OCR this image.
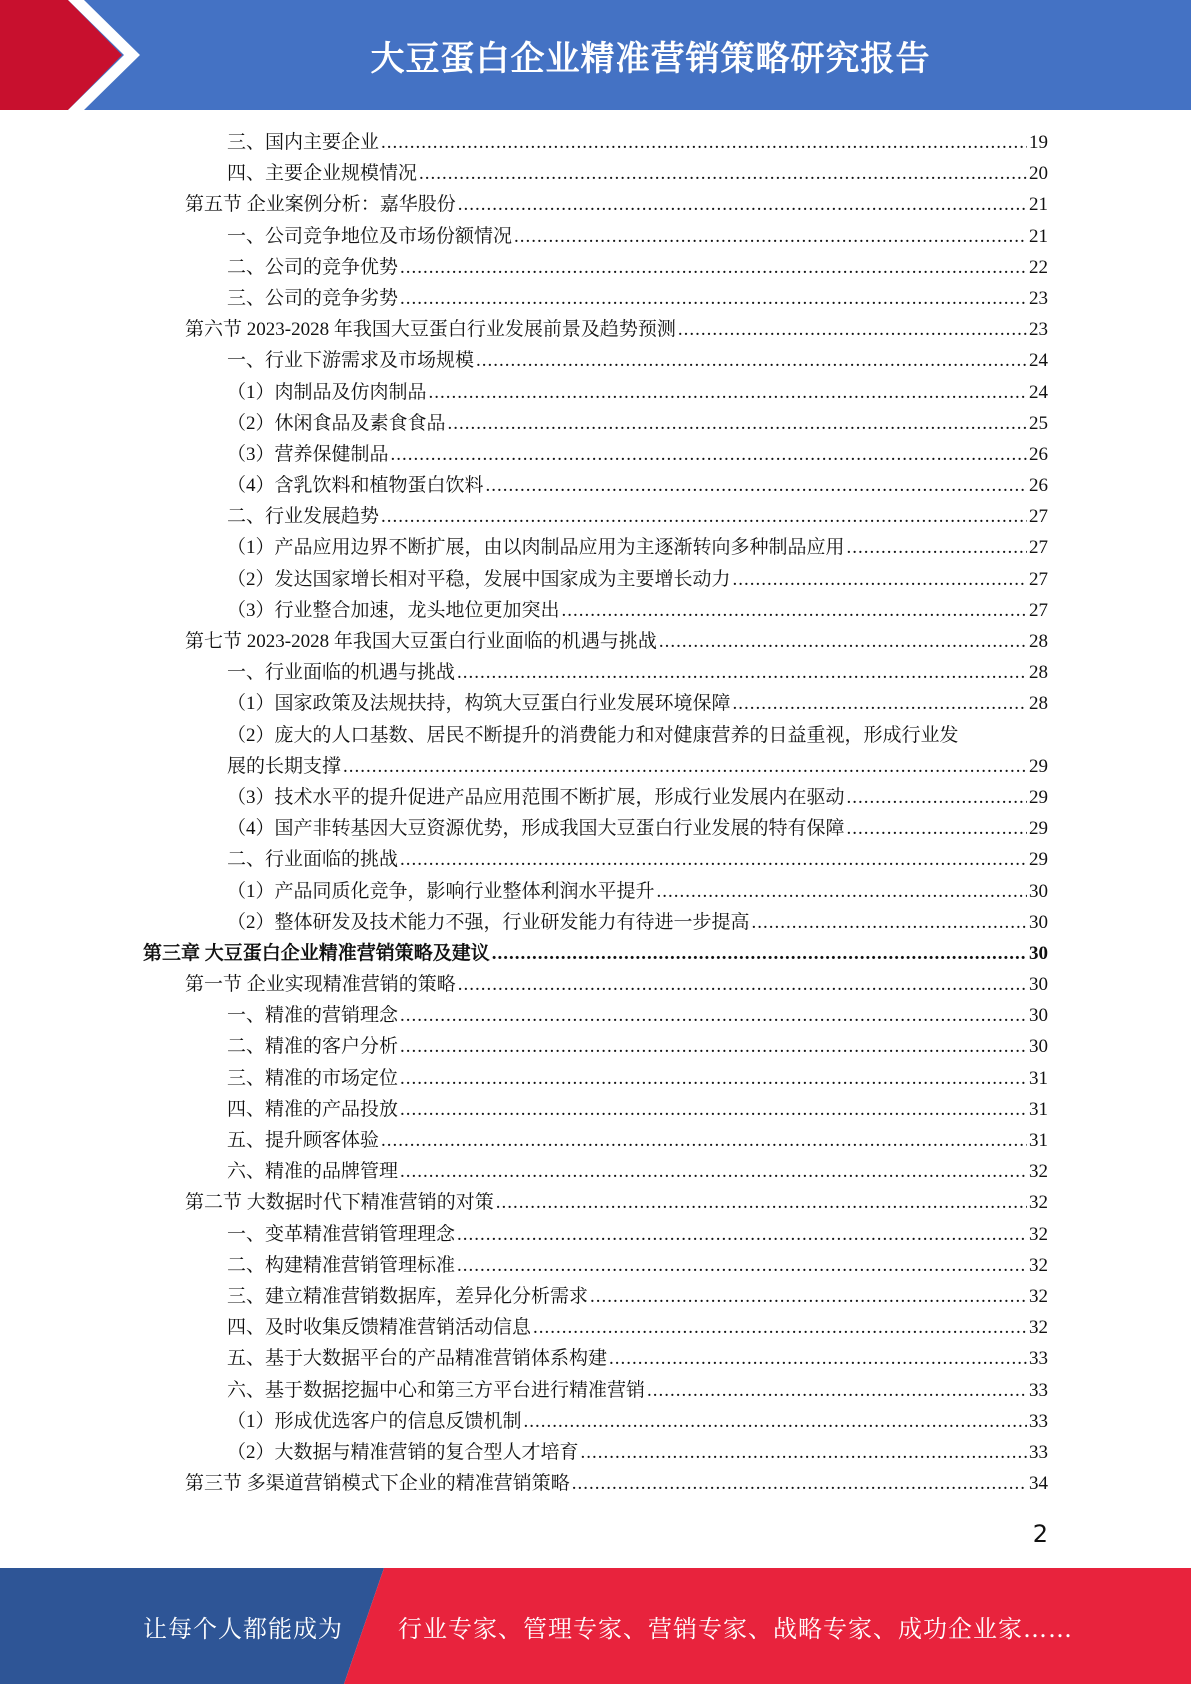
大豆蛋白企业精准营销策略研究报告
三、国内主要企业 .....	19
四、主要企业规模情况 .....	20
第五节 企业案例分析：嘉华股份 .....	21
一、公司竞争地位及市场份额情况 .....	21
二、公司的竞争优势 .....	22
三、公司的竞争劣势 .....	23
第六节 2023-2028 年我国大豆蛋白行业发展前景及趋势预测 .....	23
一、行业下游需求及市场规模 .....	24
（1）肉制品及仿肉制品 .....	24
（2）休闲食品及素食食品 .....	25
（3）营养保健制品 .....	26
（4）含乳饮料和植物蛋白饮料 .....	26
二、行业发展趋势 .....	27
（1）产品应用边界不断扩展，由以肉制品应用为主逐渐转向多种制品应用 .....	27
（2）发达国家增长相对平稳，发展中国家成为主要增长动力 .....	27
（3）行业整合加速，龙头地位更加突出 .....	27
第七节 2023-2028 年我国大豆蛋白行业面临的机遇与挑战 .....	28
一、行业面临的机遇与挑战 .....	28
（1）国家政策及法规扶持，构筑大豆蛋白行业发展环境保障 .....	28
（2）庞大的人口基数、居民不断提升的消费能力和对健康营养的日益重视，形成行业发
展的长期支撑 .....	29
（3）技术水平的提升促进产品应用范围不断扩展，形成行业发展内在驱动 .....	29
（4）国产非转基因大豆资源优势，形成我国大豆蛋白行业发展的特有保障 .....	29
二、行业面临的挑战 .....	29
（1）产品同质化竞争，影响行业整体利润水平提升 .....	30
（2）整体研发及技术能力不强，行业研发能力有待进一步提高 .....	30
第三章 大豆蛋白企业精准营销策略及建议 .....	30
第一节 企业实现精准营销的策略 .....	30
一、精准的营销理念 .....	30
二、精准的客户分析 .....	30
三、精准的市场定位 .....	31
四、精准的产品投放 .....	31
五、提升顾客体验 .....	31
六、精准的品牌管理 .....	32
第二节 大数据时代下精准营销的对策 .....	32
一、变革精准营销管理理念 .....	32
二、构建精准营销管理标准 .....	32
三、建立精准营销数据库，差异化分析需求 .....	32
四、及时收集反馈精准营销活动信息 .....	32
五、基于大数据平台的产品精准营销体系构建 .....	33
六、基于数据挖掘中心和第三方平台进行精准营销 .....	33
（1）形成优选客户的信息反馈机制 .....	33
（2）大数据与精准营销的复合型人才培育 .....	33
第三节 多渠道营销模式下企业的精准营销策略 .....	34
2
让每个人都能成为 行业专家、管理专家、营销专家、战略专家、成功企业家……
